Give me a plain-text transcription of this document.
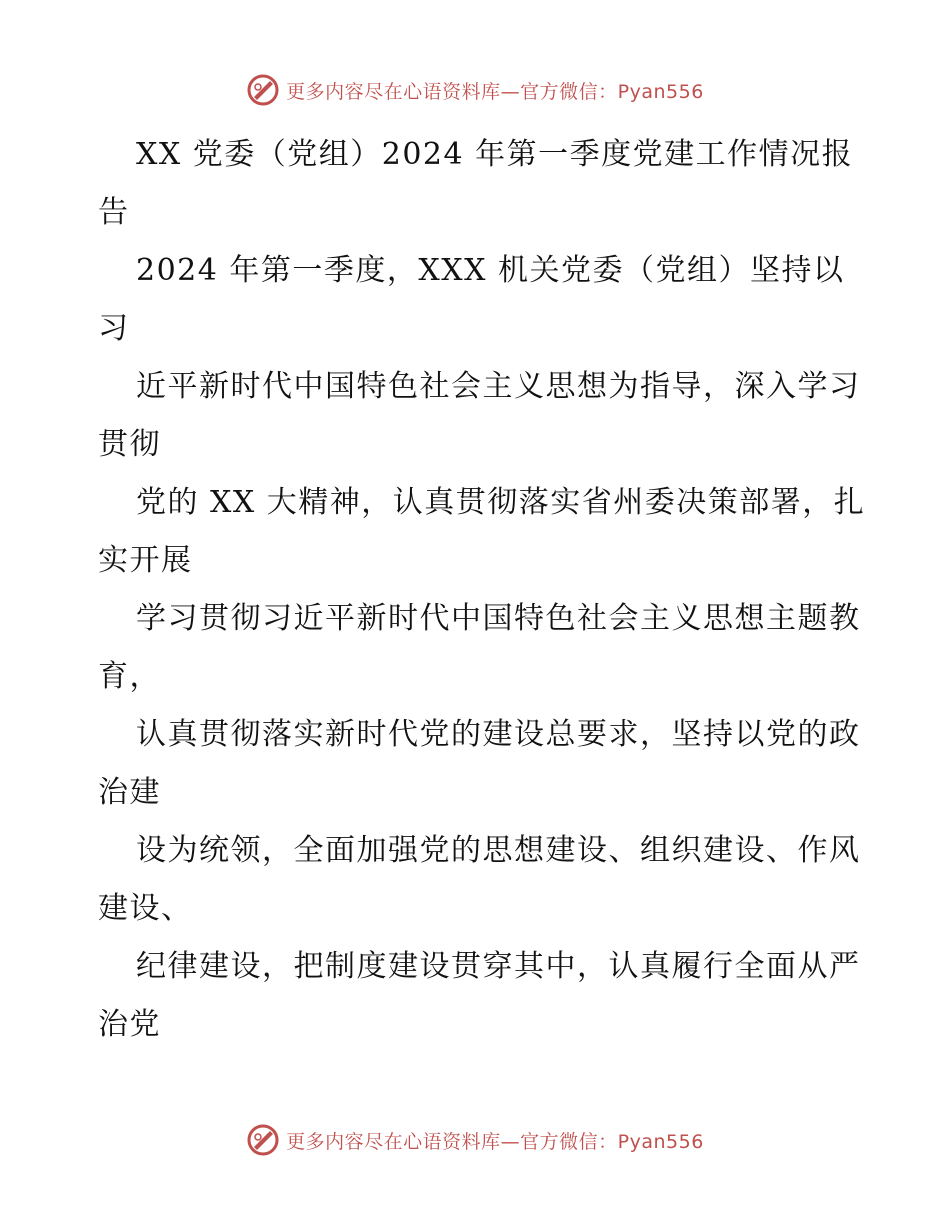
更多内容尽在心语资料库—官方微信：Pyan556

XX 党委（党组）2024 年第一季度党建工作情况报告

2024 年第一季度，XXX 机关党委（党组）坚持以习

近平新时代中国特色社会主义思想为指导，深入学习贯彻

党的 XX 大精神，认真贯彻落实省州委决策部署，扎实开展

学习贯彻习近平新时代中国特色社会主义思想主题教育，

认真贯彻落实新时代党的建设总要求，坚持以党的政治建

设为统领，全面加强党的思想建设、组织建设、作风建设、

纪律建设，把制度建设贯穿其中，认真履行全面从严治党

更多内容尽在心语资料库—官方微信：Pyan556
